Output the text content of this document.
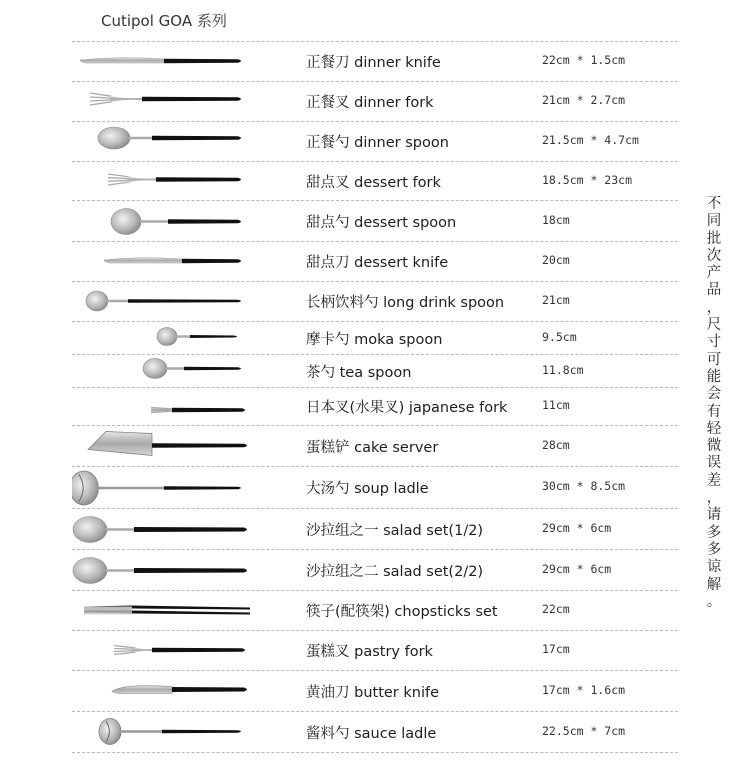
Cutipol GOA 系列
正餐刀 dinner knife	22cm * 1.5cm
正餐叉 dinner fork	21cm * 2.7cm
正餐勺 dinner spoon	21.5cm * 4.7cm
甜点叉 dessert fork	18.5cm * 23cm
甜点勺 dessert spoon	18cm
甜点刀 dessert knife	20cm
长柄饮料勺 long drink spoon	21cm
摩卡勺 moka spoon	9.5cm
茶勺 tea spoon	11.8cm
日本叉(水果叉) japanese fork	11cm
蛋糕铲 cake server	28cm
大汤勺 soup ladle	30cm * 8.5cm
沙拉组之一 salad set(1/2)	29cm * 6cm
沙拉组之二 salad set(2/2)	29cm * 6cm
筷子(配筷架) chopsticks set	22cm
蛋糕叉 pastry fork	17cm
黄油刀 butter knife	17cm * 1.6cm
酱料勺 sauce ladle	22.5cm * 7cm
不
同
批
次
产
品
，
尺
寸
可
能
会
有
轻
微
误
差
，
请
多
多
谅
解
。
